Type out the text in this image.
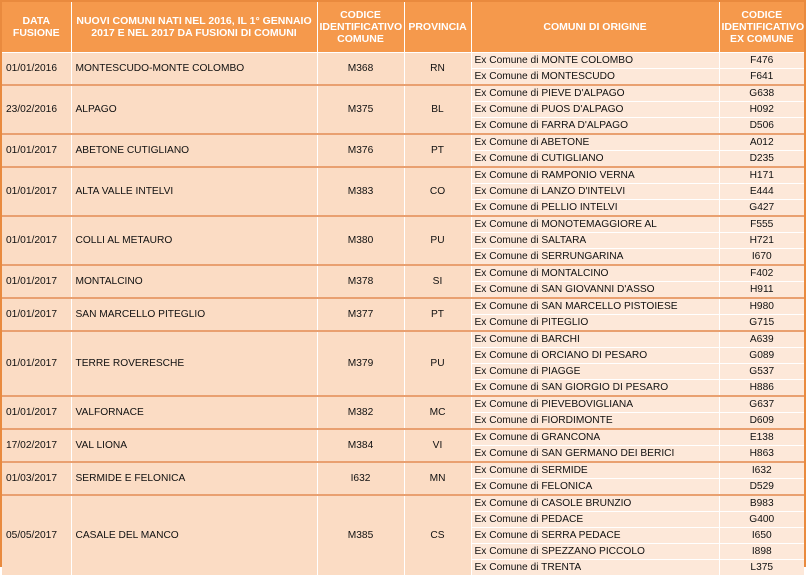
DATA FUSIONE	NUOVI COMUNI NATI NEL 2016, IL 1° GENNAIO 2017 E NEL 2017 DA FUSIONI DI COMUNI	CODICE IDENTIFICATIVO COMUNE	PROVINCIA	COMUNI DI ORIGINE	CODICE IDENTIFICATIVO EX COMUNE
01/01/2016	MONTESCUDO-MONTE COLOMBO	M368	RN	Ex Comune di MONTE COLOMBO	F476
				Ex Comune di MONTESCUDO	F641
23/02/2016	ALPAGO	M375	BL	Ex Comune di PIEVE D'ALPAGO	G638
				Ex Comune di PUOS D'ALPAGO	H092
				Ex Comune di FARRA D'ALPAGO	D506
01/01/2017	ABETONE CUTIGLIANO	M376	PT	Ex Comune di ABETONE	A012
				Ex Comune di CUTIGLIANO	D235
01/01/2017	ALTA VALLE INTELVI	M383	CO	Ex Comune di RAMPONIO VERNA	H171
				Ex Comune di LANZO D'INTELVI	E444
				Ex Comune di PELLIO INTELVI	G427
01/01/2017	COLLI AL METAURO	M380	PU	Ex Comune di MONOTEMAGGIORE AL	F555
				Ex Comune di SALTARA	H721
				Ex Comune di SERRUNGARINA	I670
01/01/2017	MONTALCINO	M378	SI	Ex Comune di MONTALCINO	F402
				Ex Comune di SAN GIOVANNI D'ASSO	H911
01/01/2017	SAN MARCELLO PITEGLIO	M377	PT	Ex Comune di SAN MARCELLO PISTOIESE	H980
				Ex Comune di PITEGLIO	G715
01/01/2017	TERRE ROVERESCHE	M379	PU	Ex Comune di BARCHI	A639
				Ex Comune di ORCIANO DI PESARO	G089
				Ex Comune di PIAGGE	G537
				Ex Comune di SAN GIORGIO DI PESARO	H886
01/01/2017	VALFORNACE	M382	MC	Ex Comune di PIEVEBOVIGLIANA	G637
				Ex Comune di FIORDIMONTE	D609
17/02/2017	VAL LIONA	M384	VI	Ex Comune di GRANCONA	E138
				Ex Comune di SAN GERMANO DEI BERICI	H863
01/03/2017	SERMIDE E FELONICA	I632	MN	Ex Comune di SERMIDE	I632
				Ex Comune di FELONICA	D529
05/05/2017	CASALE DEL MANCO	M385	CS	Ex Comune di CASOLE BRUNZIO	B983
				Ex Comune di PEDACE	G400
				Ex Comune di SERRA PEDACE	I650
				Ex Comune di SPEZZANO PICCOLO	I898
				Ex Comune di TRENTA	L375
